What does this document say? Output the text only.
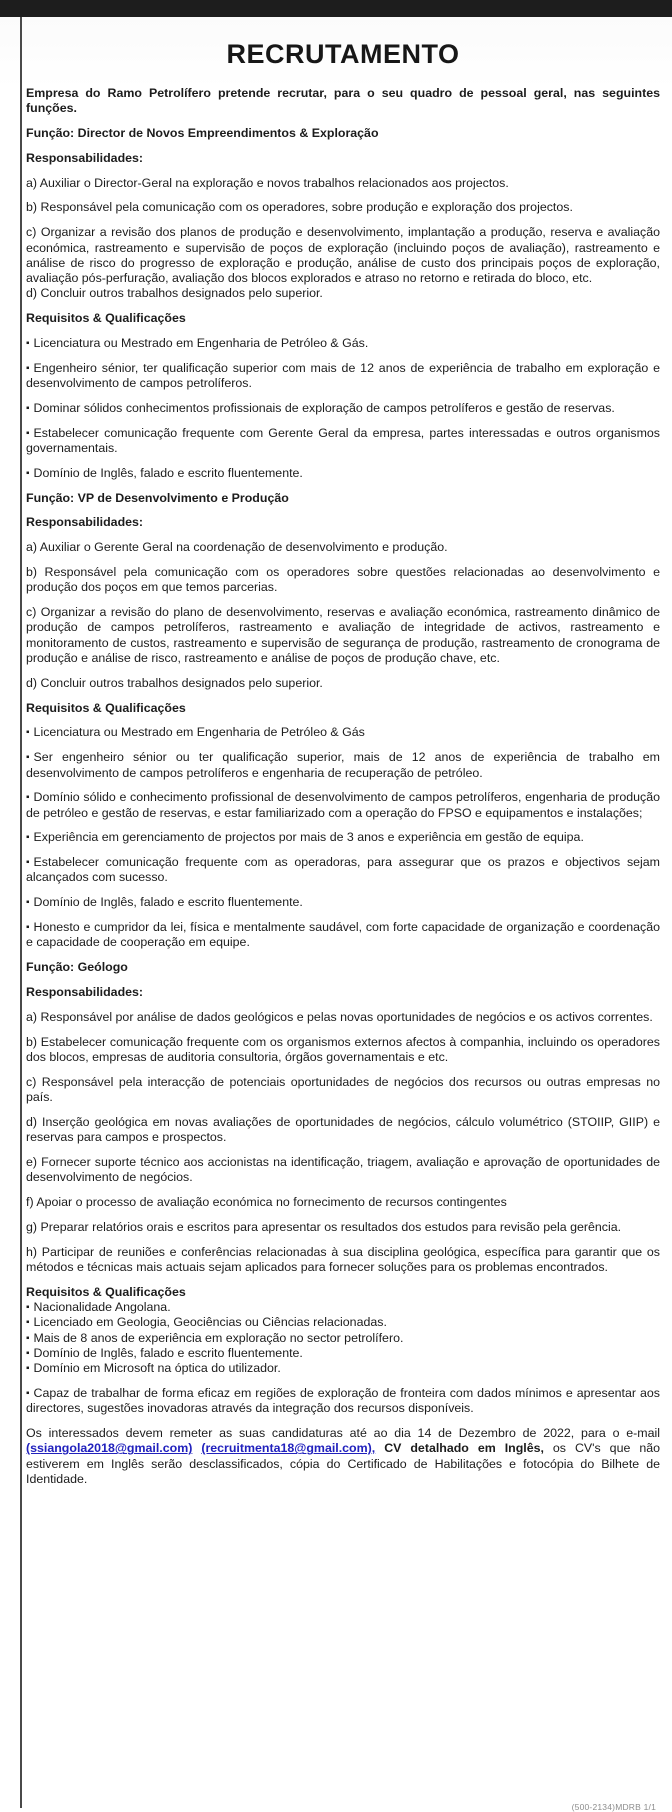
RECRUTAMENTO

Empresa do Ramo Petrolífero pretende recrutar, para o seu quadro de pessoal geral, nas seguintes funções.

Função: Director de Novos Empreendimentos & Exploração

Responsabilidades:

a) Auxiliar o Director-Geral na exploração e novos trabalhos relacionados aos projectos.

b) Responsável pela comunicação com os operadores, sobre produção e exploração dos projectos.

c) Organizar a revisão dos planos de produção e desenvolvimento, implantação a produção, reserva e avaliação económica, rastreamento e supervisão de poços de exploração (incluindo poços de avaliação), rastreamento e análise de risco do progresso de exploração e produção, análise de custo dos principais poços de exploração, avaliação pós-perfuração, avaliação dos blocos explorados e atraso no retorno e retirada do bloco, etc.

d) Concluir outros trabalhos designados pelo superior.

Requisitos & Qualificações

▪ Licenciatura ou Mestrado em Engenharia de Petróleo & Gás.

▪ Engenheiro sénior, ter qualificação superior com mais de 12 anos de experiência de trabalho em exploração e desenvolvimento de campos petrolíferos.

▪ Dominar sólidos conhecimentos profissionais de exploração de campos petrolíferos e gestão de reservas.

▪ Estabelecer comunicação frequente com Gerente Geral da empresa, partes interessadas e outros organismos governamentais.

▪ Domínio de Inglês, falado e escrito fluentemente.

Função: VP de Desenvolvimento e Produção

Responsabilidades:

a) Auxiliar o Gerente Geral na coordenação de desenvolvimento e produção.

b) Responsável pela comunicação com os operadores sobre questões relacionadas ao desenvolvimento e produção dos poços em que temos parcerias.

c) Organizar a revisão do plano de desenvolvimento, reservas e avaliação económica, rastreamento dinâmico de produção de campos petrolíferos, rastreamento e avaliação de integridade de activos, rastreamento e monitoramento de custos, rastreamento e supervisão de segurança de produção, rastreamento de cronograma de produção e análise de risco, rastreamento e análise de poços de produção chave, etc.

d) Concluir outros trabalhos designados pelo superior.

Requisitos & Qualificações

▪ Licenciatura ou Mestrado em Engenharia de Petróleo & Gás

▪ Ser engenheiro sénior ou ter qualificação superior, mais de 12 anos de experiência de trabalho em desenvolvimento de campos petrolíferos e engenharia de recuperação de petróleo.

▪ Domínio sólido e conhecimento profissional de desenvolvimento de campos petrolíferos, engenharia de produção de petróleo e gestão de reservas, e estar familiarizado com a operação do FPSO e equipamentos e instalações;

▪ Experiência em gerenciamento de projectos por mais de 3 anos e experiência em gestão de equipa.

▪ Estabelecer comunicação frequente com as operadoras, para assegurar que os prazos e objectivos sejam alcançados com sucesso.

▪ Domínio de Inglês, falado e escrito fluentemente.

▪ Honesto e cumpridor da lei, física e mentalmente saudável, com forte capacidade de organização e coordenação e capacidade de cooperação em equipe.

Função: Geólogo

Responsabilidades:

a) Responsável por análise de dados geológicos e pelas novas oportunidades de negócios e os activos correntes.

b) Estabelecer comunicação frequente com os organismos externos afectos à companhia, incluindo os operadores dos blocos, empresas de auditoria consultoria, órgãos governamentais e etc.

c) Responsável pela interacção de potenciais oportunidades de negócios dos recursos ou outras empresas no país.

d) Inserção geológica em novas avaliações de oportunidades de negócios, cálculo volumétrico (STOIIP, GIIP) e reservas para campos e prospectos.

e) Fornecer suporte técnico aos accionistas na identificação, triagem, avaliação e aprovação de oportunidades de desenvolvimento de negócios.

f) Apoiar o processo de avaliação económica no fornecimento de recursos contingentes

g) Preparar relatórios orais e escritos para apresentar os resultados dos estudos para revisão pela gerência.

h) Participar de reuniões e conferências relacionadas à sua disciplina geológica, específica para garantir que os métodos e técnicas mais actuais sejam aplicados para fornecer soluções para os problemas encontrados.

Requisitos & Qualificações

▪ Nacionalidade Angolana.

▪ Licenciado em Geologia, Geociências ou Ciências relacionadas.

▪ Mais de 8 anos de experiência em exploração no sector petrolífero.

▪ Domínio de Inglês, falado e escrito fluentemente.

▪ Domínio em Microsoft na óptica do utilizador.

▪ Capaz de trabalhar de forma eficaz em regiões de exploração de fronteira com dados mínimos e apresentar aos directores, sugestões inovadoras através da integração dos recursos disponíveis.

Os interessados devem remeter as suas candidaturas até ao dia 14 de Dezembro de 2022, para o e-mail (ssiangola2018@gmail.com) (recruitmenta18@gmail.com), CV detalhado em Inglês, os CV's que não estiverem em Inglês serão desclassificados, cópia do Certificado de Habilitações e fotocópia do Bilhete de Identidade.

(500-2134)MDRB 1/1
